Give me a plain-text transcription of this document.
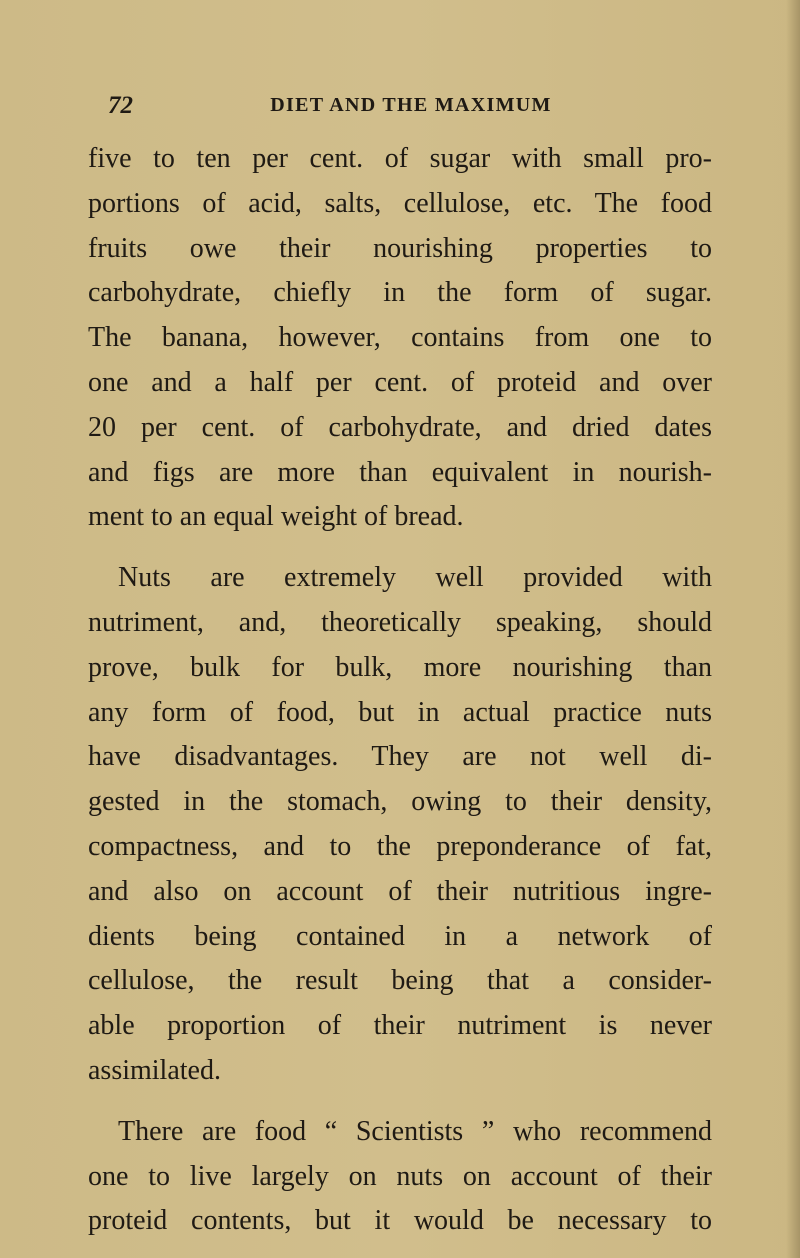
72	DIET AND THE MAXIMUM

five to ten per cent. of sugar with small pro-
portions of acid, salts, cellulose, etc. The food
fruits owe their nourishing properties to
carbohydrate, chiefly in the form of sugar.
The banana, however, contains from one to
one and a half per cent. of proteid and over
20 per cent. of carbohydrate, and dried dates
and figs are more than equivalent in nourish-
ment to an equal weight of bread.

Nuts are extremely well provided with
nutriment, and, theoretically speaking, should
prove, bulk for bulk, more nourishing than
any form of food, but in actual practice nuts
have disadvantages. They are not well di-
gested in the stomach, owing to their density,
compactness, and to the preponderance of fat,
and also on account of their nutritious ingre-
dients being contained in a network of
cellulose, the result being that a consider-
able proportion of their nutriment is never
assimilated.

There are food “ Scientists ” who recommend
one to live largely on nuts on account of their
proteid contents, but it would be necessary to
